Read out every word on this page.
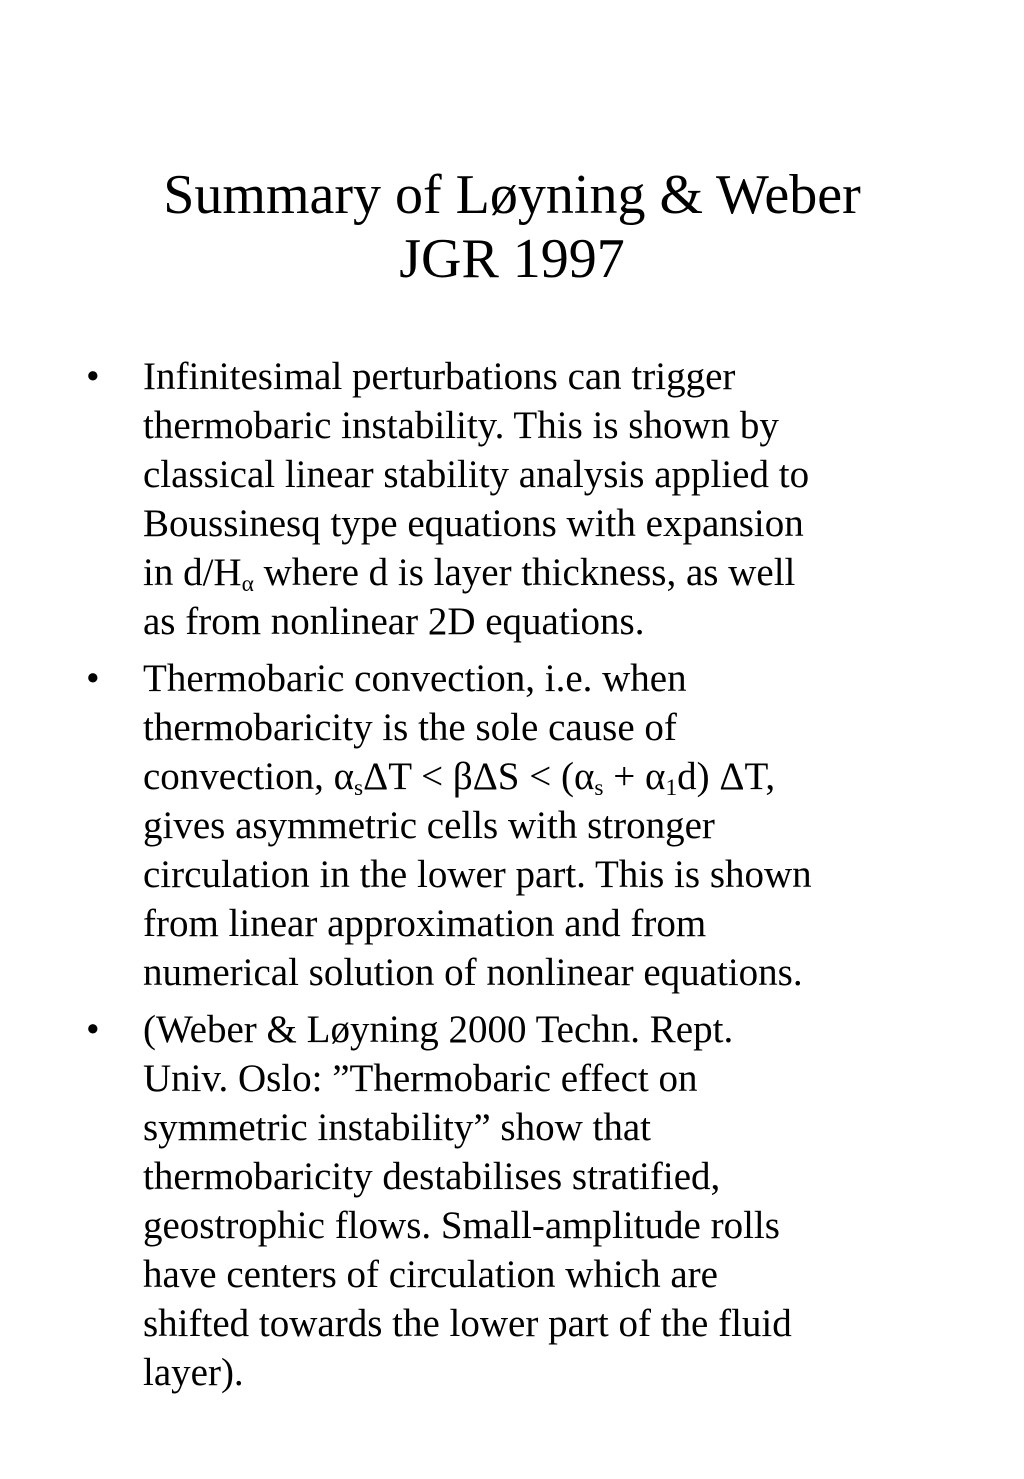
Summary of Løyning & Weber
JGR 1997
• Infinitesimal perturbations can trigger
thermobaric instability. This is shown by
classical linear stability analysis applied to
Boussinesq type equations with expansion
in $d/H_\alpha$ where d is layer thickness, as well
as from nonlinear 2D equations.
• Thermobaric convection, i.e. when
thermobaricity is the sole cause of
convection, $\alpha_s\Delta T < \beta\Delta S < (\alpha_s + \alpha_1d)$ ΔT,
gives asymmetric cells with stronger
circulation in the lower part. This is shown
from linear approximation and from
numerical solution of nonlinear equations.
• (Weber & Løyning 2000 Techn. Rept.
Univ. Oslo: ”Thermobaric effect on
symmetric instability” show that
thermobaricity destabilises stratified,
geostrophic flows. Small-amplitude rolls
have centers of circulation which are
shifted towards the lower part of the fluid
layer).
